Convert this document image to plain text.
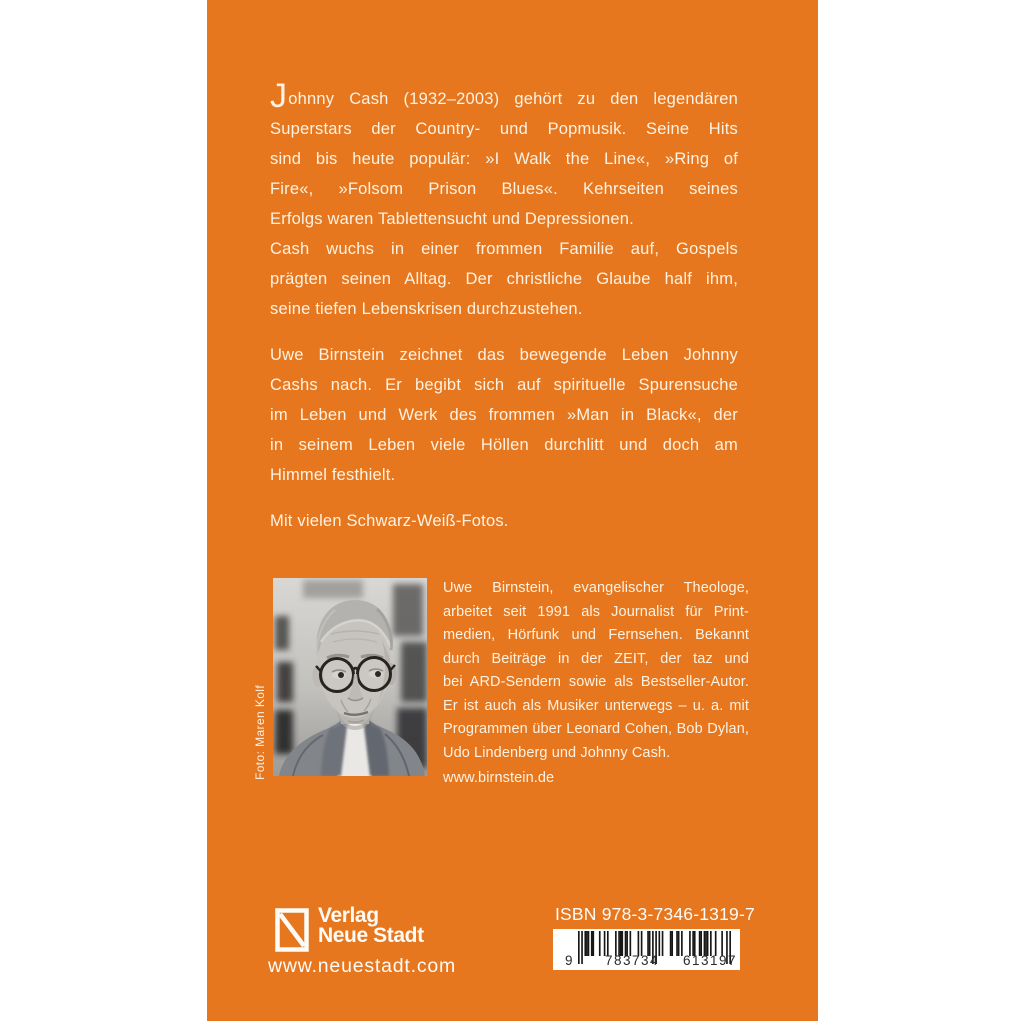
Johnny Cash (1932–2003) gehört zu den legendären
Superstars der Country- und Popmusik. Seine Hits
sind bis heute populär: »I Walk the Line«, »Ring of
Fire«, »Folsom Prison Blues«. Kehrseiten seines
Erfolgs waren Tablettensucht und Depressionen.
Cash wuchs in einer frommen Familie auf, Gospels
prägten seinen Alltag. Der christliche Glaube half ihm,
seine tiefen Lebenskrisen durchzustehen.
Uwe Birnstein zeichnet das bewegende Leben Johnny
Cashs nach. Er begibt sich auf spirituelle Spurensuche
im Leben und Werk des frommen »Man in Black«, der
in seinem Leben viele Höllen durchlitt und doch am
Himmel festhielt.
Mit vielen Schwarz-Weiß-Fotos.
Foto: Maren Kolf
Uwe Birnstein, evangelischer Theologe,
arbeitet seit 1991 als Journalist für Print-
medien, Hörfunk und Fernsehen. Bekannt
durch Beiträge in der ZEIT, der taz und
bei ARD-Sendern sowie als Bestseller-Autor.
Er ist auch als Musiker unterwegs – u. a. mit
Programmen über Leonard Cohen, Bob Dylan,
Udo Lindenberg und Johnny Cash.
www.birnstein.de
Verlag
Neue Stadt
www.neuestadt.com
ISBN 978-3-7346-1319-7
9	783734	613197
